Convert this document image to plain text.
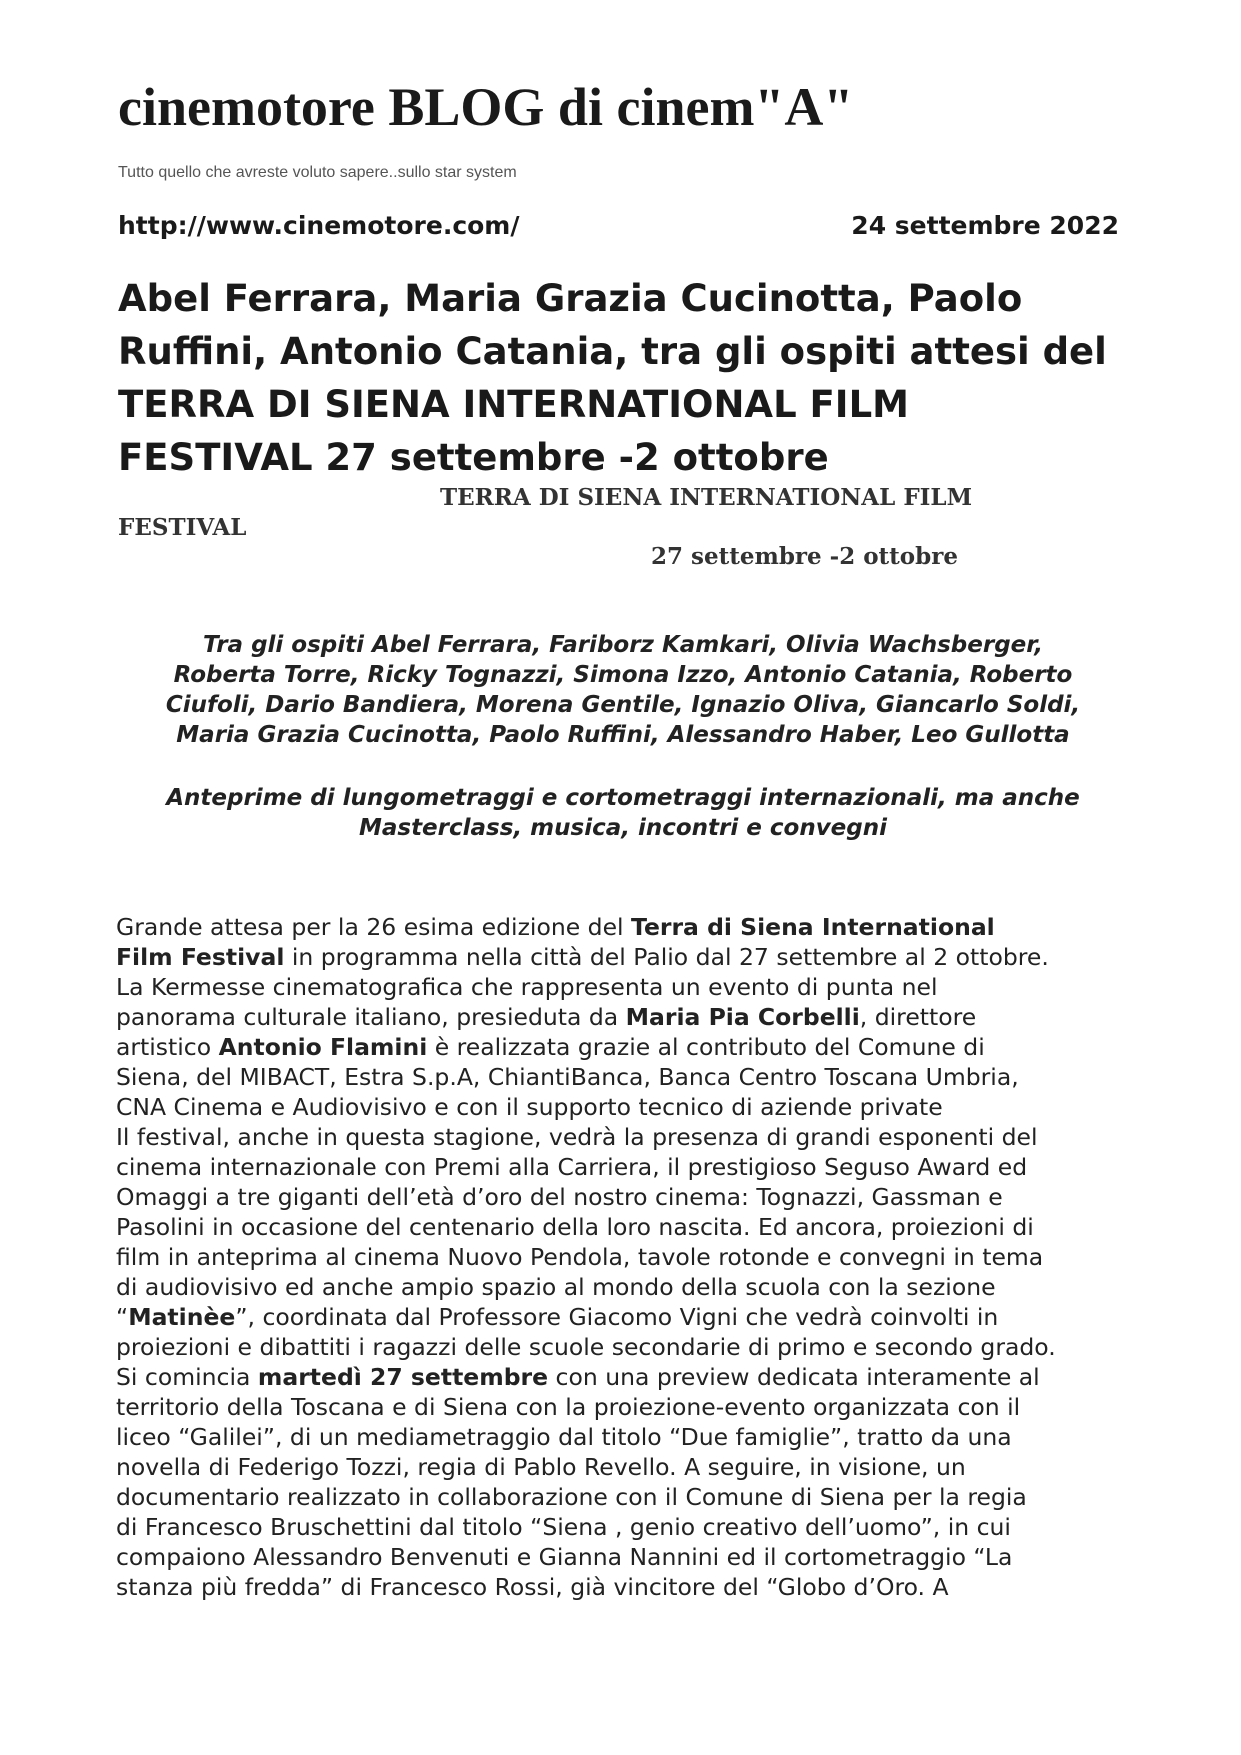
cinemotore BLOG di cinem"A"
Tutto quello che avreste voluto sapere..sullo star system
http://www.cinemotore.com/	24 settembre 2022
Abel Ferrara, Maria Grazia Cucinotta, Paolo
Ruffini, Antonio Catania, tra gli ospiti attesi del
TERRA DI SIENA INTERNATIONAL FILM
FESTIVAL 27 settembre -2 ottobre
TERRA DI SIENA INTERNATIONAL FILM
FESTIVAL
27 settembre -2 ottobre
Tra gli ospiti Abel Ferrara, Fariborz Kamkari, Olivia Wachsberger,
Roberta Torre, Ricky Tognazzi, Simona Izzo, Antonio Catania, Roberto
Ciufoli, Dario Bandiera, Morena Gentile, Ignazio Oliva, Giancarlo Soldi,
Maria Grazia Cucinotta, Paolo Ruffini, Alessandro Haber, Leo Gullotta
Anteprime di lungometraggi e cortometraggi internazionali, ma anche
Masterclass, musica, incontri e convegni
Grande attesa per la 26 esima edizione del Terra di Siena International
Film Festival in programma nella città del Palio dal 27 settembre al 2 ottobre.
La Kermesse cinematografica che rappresenta un evento di punta nel
panorama culturale italiano, presieduta da Maria Pia Corbelli, direttore
artistico Antonio Flamini è realizzata grazie al contributo del Comune di
Siena, del MIBACT, Estra S.p.A, ChiantiBanca, Banca Centro Toscana Umbria,
CNA Cinema e Audiovisivo e con il supporto tecnico di aziende private
Il festival, anche in questa stagione, vedrà la presenza di grandi esponenti del
cinema internazionale con Premi alla Carriera, il prestigioso Seguso Award ed
Omaggi a tre giganti dell’età d’oro del nostro cinema: Tognazzi, Gassman e
Pasolini in occasione del centenario della loro nascita. Ed ancora, proiezioni di
film in anteprima al cinema Nuovo Pendola, tavole rotonde e convegni in tema
di audiovisivo ed anche ampio spazio al mondo della scuola con la sezione
“Matinèe”, coordinata dal Professore Giacomo Vigni che vedrà coinvolti in
proiezioni e dibattiti i ragazzi delle scuole secondarie di primo e secondo grado.
Si comincia martedì 27 settembre con una preview dedicata interamente al
territorio della Toscana e di Siena con la proiezione-evento organizzata con il
liceo “Galilei”, di un mediametraggio dal titolo “Due famiglie”, tratto da una
novella di Federigo Tozzi, regia di Pablo Revello. A seguire, in visione, un
documentario realizzato in collaborazione con il Comune di Siena per la regia
di Francesco Bruschettini dal titolo “Siena , genio creativo dell’uomo”, in cui
compaiono Alessandro Benvenuti e Gianna Nannini ed il cortometraggio “La
stanza più fredda” di Francesco Rossi, già vincitore del “Globo d’Oro. A
